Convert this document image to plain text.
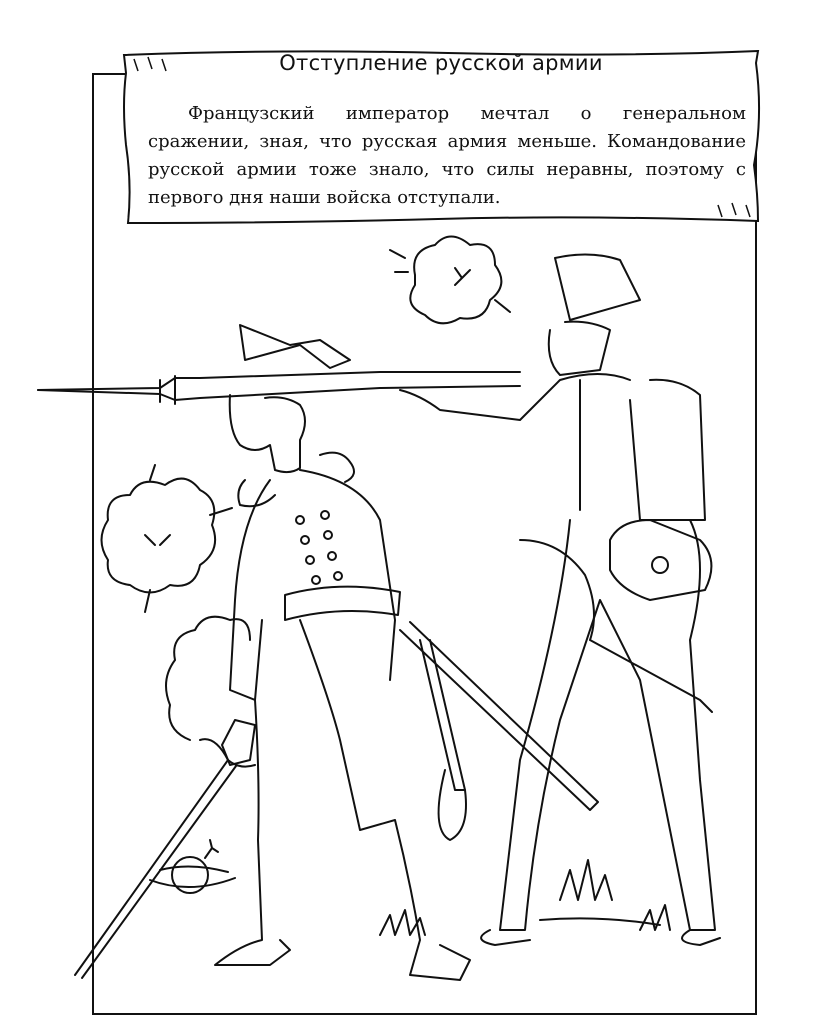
Отступление русской армии
Французский император мечтал о генеральном сражении, зная, что русская армия меньше. Командование русской армии тоже знало, что силы неравны, поэтому с первого дня наши войска отступали.
